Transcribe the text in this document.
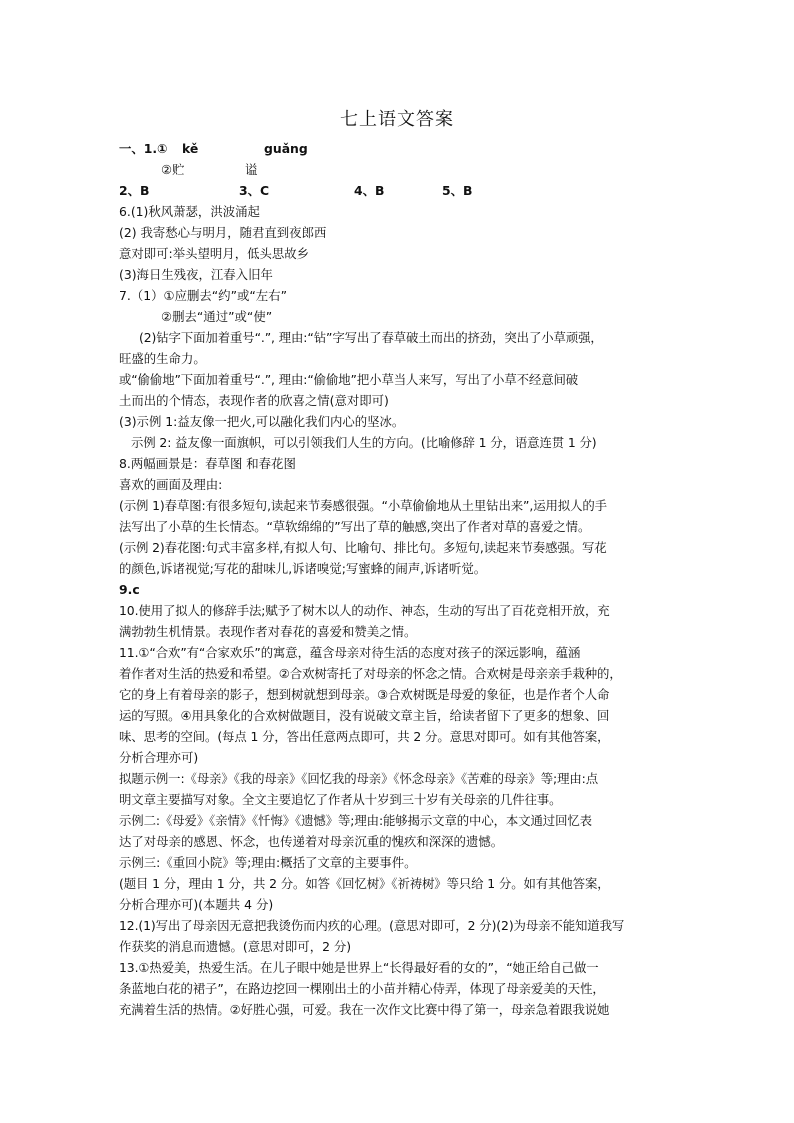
七上语文答案
一、1.①	kě	guǎng
②贮	谥
2、B	3、C	4、B	5、B

6.(1)秋风萧瑟，洪波涌起

(2) 我寄愁心与明月，随君直到夜郎西

意对即可:举头望明月，低头思故乡

(3)海日生残夜，江春入旧年

7.（1）①应删去“约”或“左右”

②删去“通过”或“使”

(2)钻字下面加着重号“.”, 理由:“钻”字写出了春草破土而出的挤劲，突出了小草顽强，

旺盛的生命力。

或“偷偷地”下面加着重号“.”, 理由:“偷偷地”把小草当人来写，写出了小草不经意间破

土而出的个情态，表现作者的欣喜之情(意对即可)

(3)示例 1:益友像一把火,可以融化我们内心的坚冰。

示例 2: 益友像一面旗帜，可以引领我们人生的方向。(比喻修辞 1 分，语意连贯 1 分)

8.两幅画景是：春草图 和春花图

喜欢的画面及理由:

(示例 1)春草图:有很多短句,读起来节奏感很强。“小草偷偷地从土里钻出来”,运用拟人的手

法写出了小草的生长情态。“草软绵绵的”写出了草的触感,突出了作者对草的喜爱之情。

(示例 2)春花图:句式丰富多样,有拟人句、比喻句、排比句。多短句,读起来节奏感强。写花

的颜色,诉诸视觉;写花的甜味儿,诉诸嗅觉;写蜜蜂的闹声,诉诸听觉。

9.c

10.使用了拟人的修辞手法;赋予了树木以人的动作、神态，生动的写出了百花竞相开放，充

满勃勃生机情景。表现作者对春花的喜爱和赞美之情。

11.①“合欢”有“合家欢乐”的寓意，蕴含母亲对待生活的态度对孩子的深远影响，蕴涵

着作者对生活的热爱和希望。②合欢树寄托了对母亲的怀念之情。合欢树是母亲亲手栽种的，

它的身上有着母亲的影子，想到树就想到母亲。③合欢树既是母爱的象征，也是作者个人命

运的写照。④用具象化的合欢树做题目，没有说破文章主旨，给读者留下了更多的想象、回

味、思考的空间。(每点 1 分，答出任意两点即可，共 2 分。意思对即可。如有其他答案，

分析合理亦可)

拟题示例一:《母亲》《我的母亲》《回忆我的母亲》《怀念母亲》《苦难的母亲》等;理由:点

明文章主要描写对象。全文主要追忆了作者从十岁到三十岁有关母亲的几件往事。

示例二:《母爱》《亲情》《忏悔》《遗憾》等;理由:能够揭示文章的中心，本文通过回忆表

达了对母亲的感恩、怀念，也传递着对母亲沉重的愧疚和深深的遗憾。

示例三:《重回小院》等;理由:概括了文章的主要事件。

(题目 1 分，理由 1 分，共 2 分。如答《回忆树》《祈祷树》等只给 1 分。如有其他答案，

分析合理亦可)(本题共 4 分)

12.(1)写出了母亲因无意把我烫伤而内疚的心理。(意思对即可，2 分)(2)为母亲不能知道我写

作获奖的消息而遗憾。(意思对即可，2 分)

13.①热爱美，热爱生活。在儿子眼中她是世界上“长得最好看的女的”，“她正给自己做一

条蓝地白花的裙子”，在路边挖回一棵刚出土的小苗并精心侍弄，体现了母亲爱美的天性，

充满着生活的热情。②好胜心强，可爱。我在一次作文比赛中得了第一，母亲急着跟我说她
